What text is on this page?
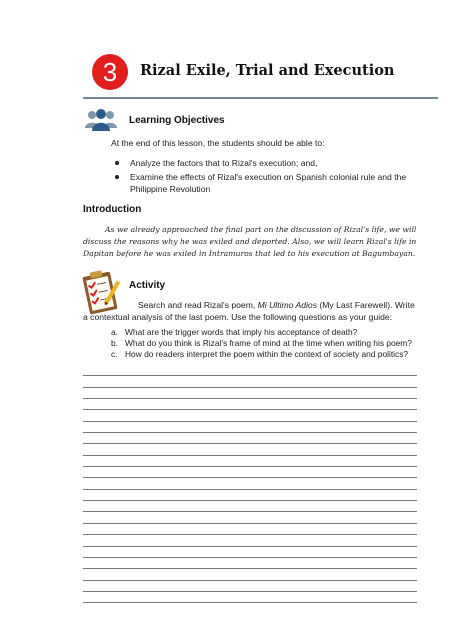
3	Rizal Exile, Trial and Execution
Learning Objectives
At the end of this lesson, the students should be able to:
Analyze the factors that to Rizal's execution; and,
Examine the effects of Rizal's execution on Spanish colonial rule and the Philippine Revolution
Introduction
As we already approached the final part on the discussion of Rizal's life, we will discuss the reasons why he was exiled and deported. Also, we will learn Rizal's life in Dapitan before he was exiled in Intramuros that led to his execution at Bagumbayan.
Activity
Search and read Rizal's poem, Mi Ultimo Adios (My Last Farewell). Write a contextual analysis of the last poem. Use the following questions as your guide:
a. What are the trigger words that imply his acceptance of death?
b. What do you think is Rizal's frame of mind at the time when writing his poem?
c. How do readers interpret the poem within the context of society and politics?
